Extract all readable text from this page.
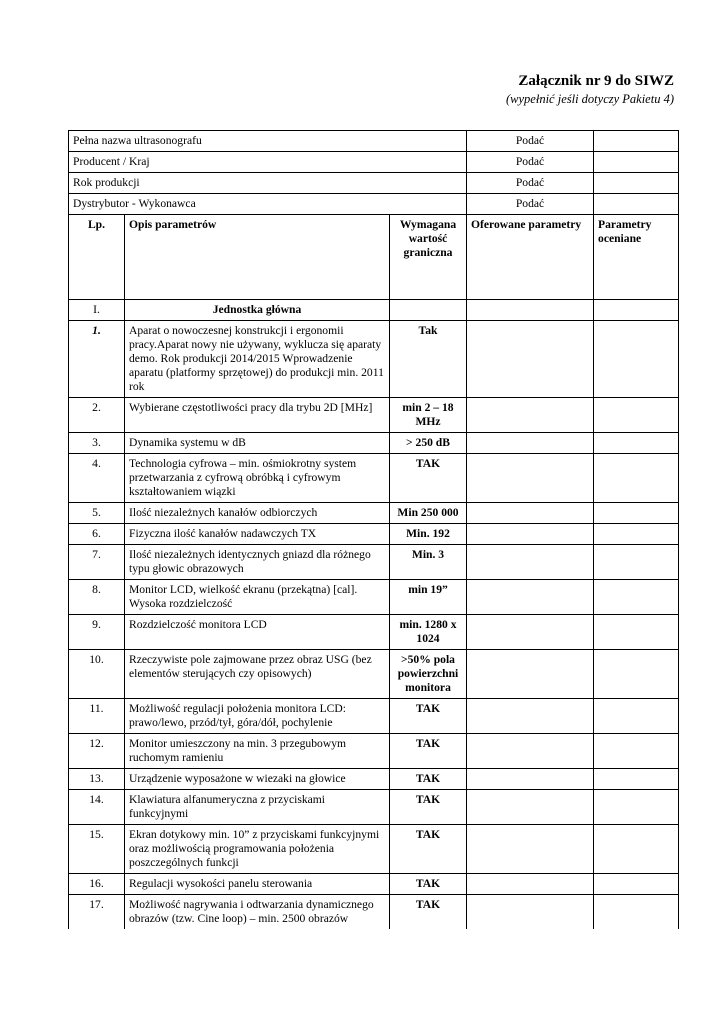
Załącznik nr 9 do SIWZ
(wypełnić jeśli dotyczy Pakietu 4)
Pełna nazwa ultrasonografu			Podać	
Producent / Kraj			Podać	
Rok produkcji			Podać	
Dystrybutor - Wykonawca			Podać	
Lp.	Opis parametrów	Wymagana wartość graniczna	Oferowane parametry	Parametry oceniane
I.	Jednostka główna			
1.	Aparat o nowoczesnej konstrukcji i ergonomii pracy.Aparat nowy nie używany, wyklucza się aparaty demo. Rok produkcji 2014/2015 Wprowadzenie aparatu (platformy sprzętowej) do produkcji min. 2011 rok	Tak		
2.	Wybierane częstotliwości pracy dla trybu 2D [MHz]	min 2 – 18 MHz		
3.	Dynamika systemu w dB	> 250 dB		
4.	Technologia cyfrowa – min. ośmiokrotny system przetwarzania z cyfrową obróbką i cyfrowym kształtowaniem wiązki	TAK		
5.	Ilość niezależnych kanałów odbiorczych	Min 250 000		
6.	Fizyczna ilość kanałów nadawczych TX	Min. 192		
7.	Ilość niezależnych identycznych gniazd dla różnego typu głowic obrazowych	Min. 3		
8.	Monitor LCD, wielkość ekranu (przekątna) [cal]. Wysoka rozdzielczość	min 19”		
9.	Rozdzielczość monitora LCD	min. 1280 x 1024		
10.	Rzeczywiste pole zajmowane przez obraz USG (bez elementów sterujących czy opisowych)	>50% pola powierzchni monitora		
11.	Możliwość regulacji położenia monitora LCD: prawo/lewo, przód/tył, góra/dół, pochylenie	TAK		
12.	Monitor umieszczony na min. 3 przegubowym ruchomym ramieniu	TAK		
13.	Urządzenie wyposażone w wiezaki na głowice	TAK		
14.	Klawiatura alfanumeryczna z przyciskami funkcyjnymi	TAK		
15.	Ekran dotykowy min. 10” z przyciskami funkcyjnymi oraz możliwością programowania położenia poszczególnych funkcji	TAK		
16.	Regulacji wysokości panelu sterowania	TAK		
17.	Możliwość nagrywania i odtwarzania dynamicznego obrazów (tzw. Cine loop) – min. 2500 obrazów	TAK		
